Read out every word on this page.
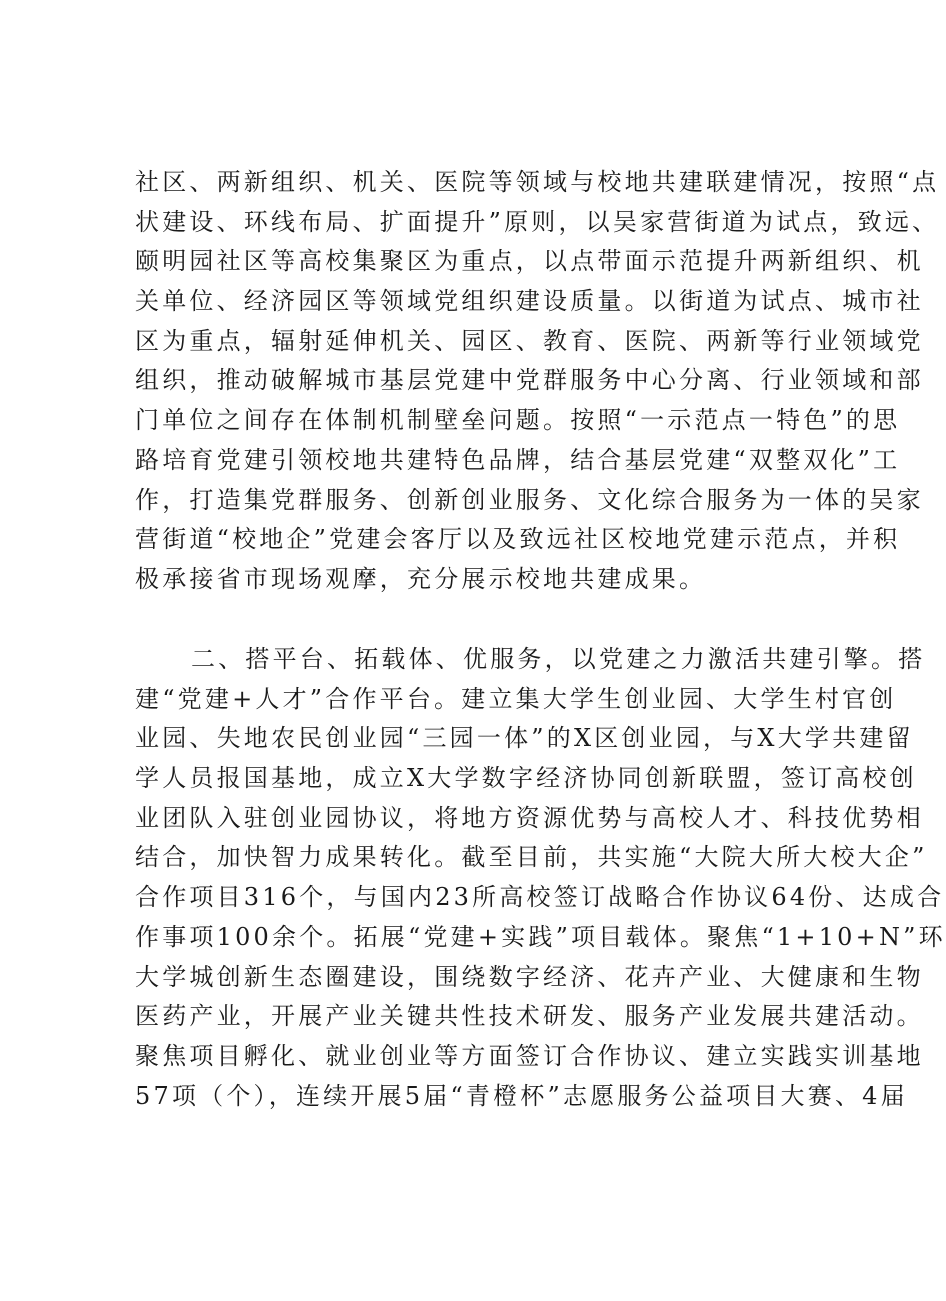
社区、两新组织、机关、医院等领域与校地共建联建情况，按照“点
状建设、环线布局、扩面提升”原则，以吴家营街道为试点，致远、
颐明园社区等高校集聚区为重点，以点带面示范提升两新组织、机
关单位、经济园区等领域党组织建设质量。以街道为试点、城市社
区为重点，辐射延伸机关、园区、教育、医院、两新等行业领域党
组织，推动破解城市基层党建中党群服务中心分离、行业领域和部
门单位之间存在体制机制壁垒问题。按照“一示范点一特色”的思
路培育党建引领校地共建特色品牌，结合基层党建“双整双化”工
作，打造集党群服务、创新创业服务、文化综合服务为一体的吴家
营街道“校地企”党建会客厅以及致远社区校地党建示范点，并积
极承接省市现场观摩，充分展示校地共建成果。
二、搭平台、拓载体、优服务，以党建之力激活共建引擎。搭
建“党建+人才”合作平台。建立集大学生创业园、大学生村官创
业园、失地农民创业园“三园一体”的X区创业园，与X大学共建留
学人员报国基地，成立X大学数字经济协同创新联盟，签订高校创
业团队入驻创业园协议，将地方资源优势与高校人才、科技优势相
结合，加快智力成果转化。截至目前，共实施“大院大所大校大企”
合作项目316个，与国内23所高校签订战略合作协议64份、达成合
作事项100余个。拓展“党建+实践”项目载体。聚焦“1+10+N”环
大学城创新生态圈建设，围绕数字经济、花卉产业、大健康和生物
医药产业，开展产业关键共性技术研发、服务产业发展共建活动。
聚焦项目孵化、就业创业等方面签订合作协议、建立实践实训基地
57项（个），连续开展5届“青橙杯”志愿服务公益项目大赛、4届
